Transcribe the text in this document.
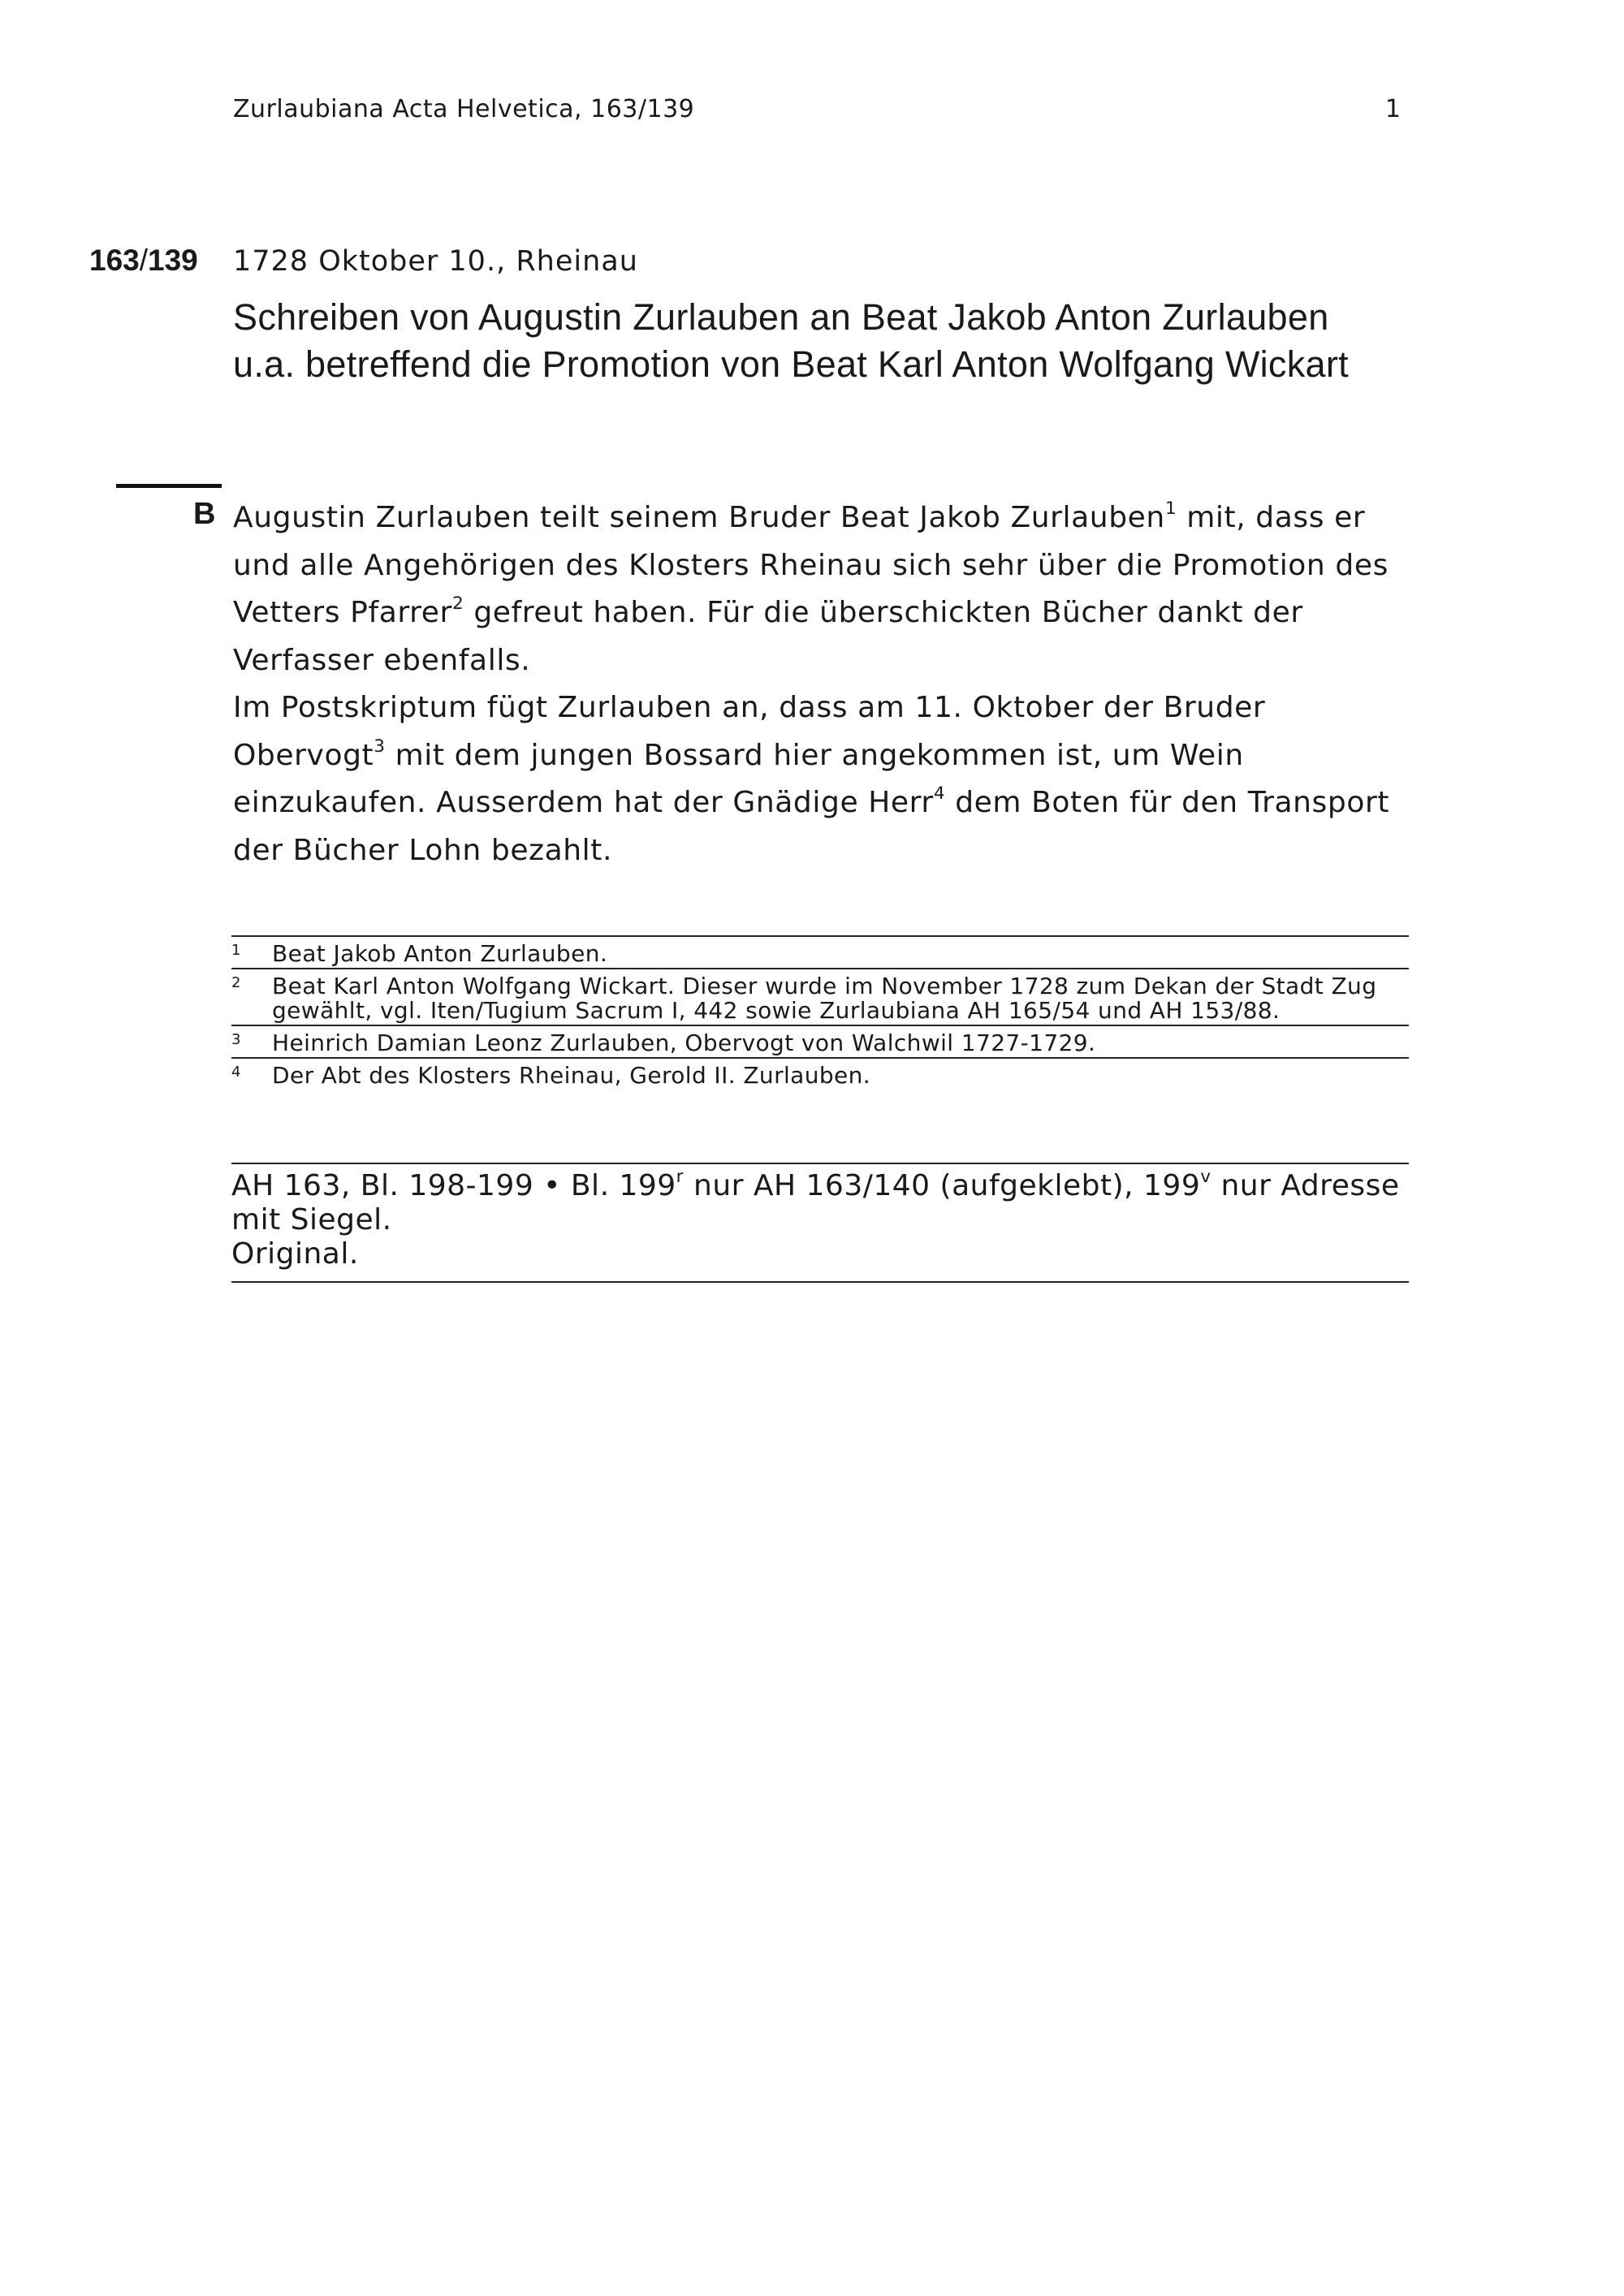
Zurlaubiana Acta Helvetica, 163/139	1
163/139 1728 Oktober 10., Rheinau
Schreiben von Augustin Zurlauben an Beat Jakob Anton Zurlauben u.a. betreffend die Promotion von Beat Karl Anton Wolfgang Wickart
B Augustin Zurlauben teilt seinem Bruder Beat Jakob Zurlauben$^1$ mit, dass er und alle Angehörigen des Klosters Rheinau sich sehr über die Promotion des Vetters Pfarrer$^2$ gefreut haben. Für die überschickten Bücher dankt der Verfasser ebenfalls.

Im Postskriptum fügt Zurlauben an, dass am 11. Oktober der Bruder Obervogt$^3$ mit dem jungen Bossard hier angekommen ist, um Wein einzukaufen. Ausserdem hat der Gnädige Herr$^4$ dem Boten für den Transport der Bücher Lohn bezahlt.

1	Beat Jakob Anton Zurlauben.
2	Beat Karl Anton Wolfgang Wickart. Dieser wurde im November 1728 zum Dekan der Stadt Zug gewählt, vgl. Iten/Tugium Sacrum I, 442 sowie Zurlaubiana AH 165/54 und AH 153/88.
3	Heinrich Damian Leonz Zurlauben, Obervogt von Walchwil 1727-1729.
4	Der Abt des Klosters Rheinau, Gerold II. Zurlauben.
AH 163, Bl. 198-199 • Bl. 199$^r$ nur AH 163/140 (aufgeklebt), 199$^v$ nur Adresse mit Siegel.
Original.
